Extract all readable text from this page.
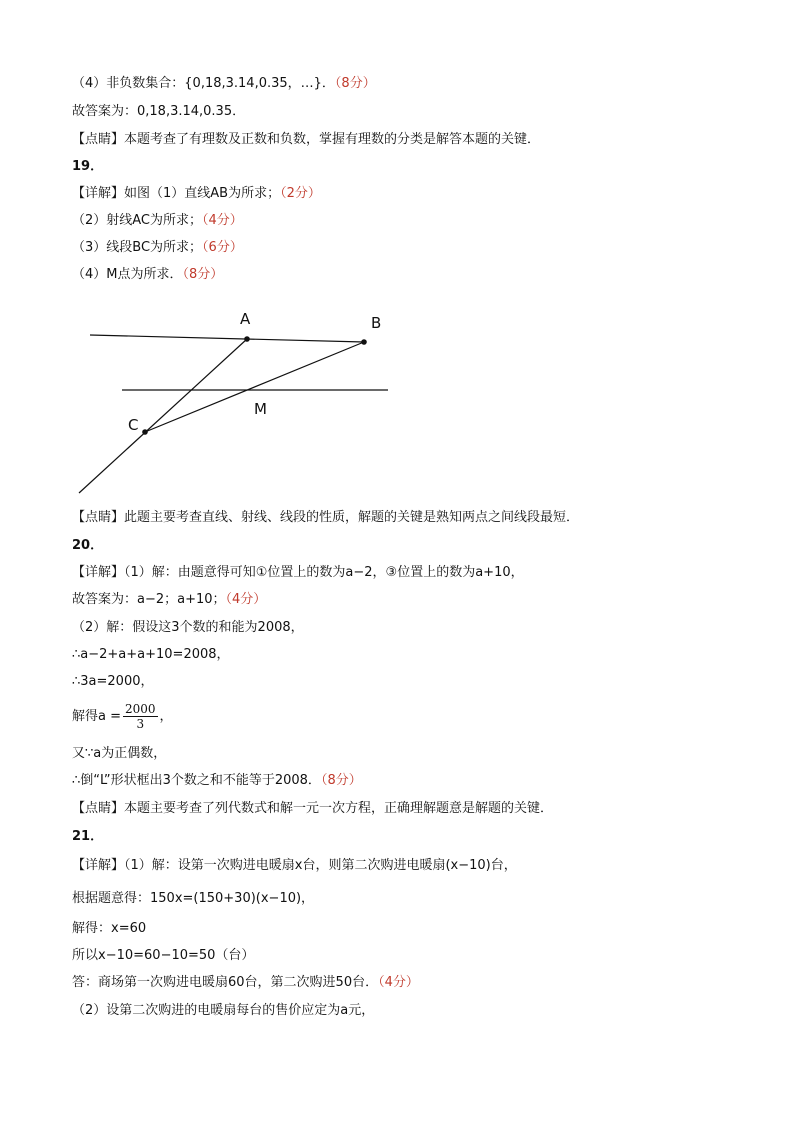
（4）非负数集合：{0,18,3.14,0.35，…}．（8分）
故答案为：0,18,3.14,0.35．
【点睛】本题考查了有理数及正数和负数，掌握有理数的分类是解答本题的关键．
19．
【详解】如图（1）直线AB为所求；（2分）
（2）射线AC为所求；（4分）
（3）线段BC为所求；（6分）
（4）M点为所求．（8分）
A	B
C
M
【点睛】此题主要考查直线、射线、线段的性质，解题的关键是熟知两点之间线段最短．
20．
【详解】（1）解：由题意得可知①位置上的数为a−2，③位置上的数为a+10，
故答案为：a−2；a+10；（4分）
（2）解：假设这3个数的和能为2008，
∴a−2+a+a+10=2008，
∴3a=2000，
解得$a = \frac{2000}{3}$ ，
又∵a为正偶数，
∴倒“L”形状框出3个数之和不能等于2008．（8分）
【点睛】本题主要考查了列代数式和解一元一次方程，正确理解题意是解题的关键．
21．
【详解】（1）解：设第一次购进电暖扇x台，则第二次购进电暖扇(x−10)台，
根据题意得：150x=(150+30)(x−10)，
解得：x=60
所以x−10=60−10=50（台）
答：商场第一次购进电暖扇60台，第二次购进50台．（4分）
（2）设第二次购进的电暖扇每台的售价应定为a元，
